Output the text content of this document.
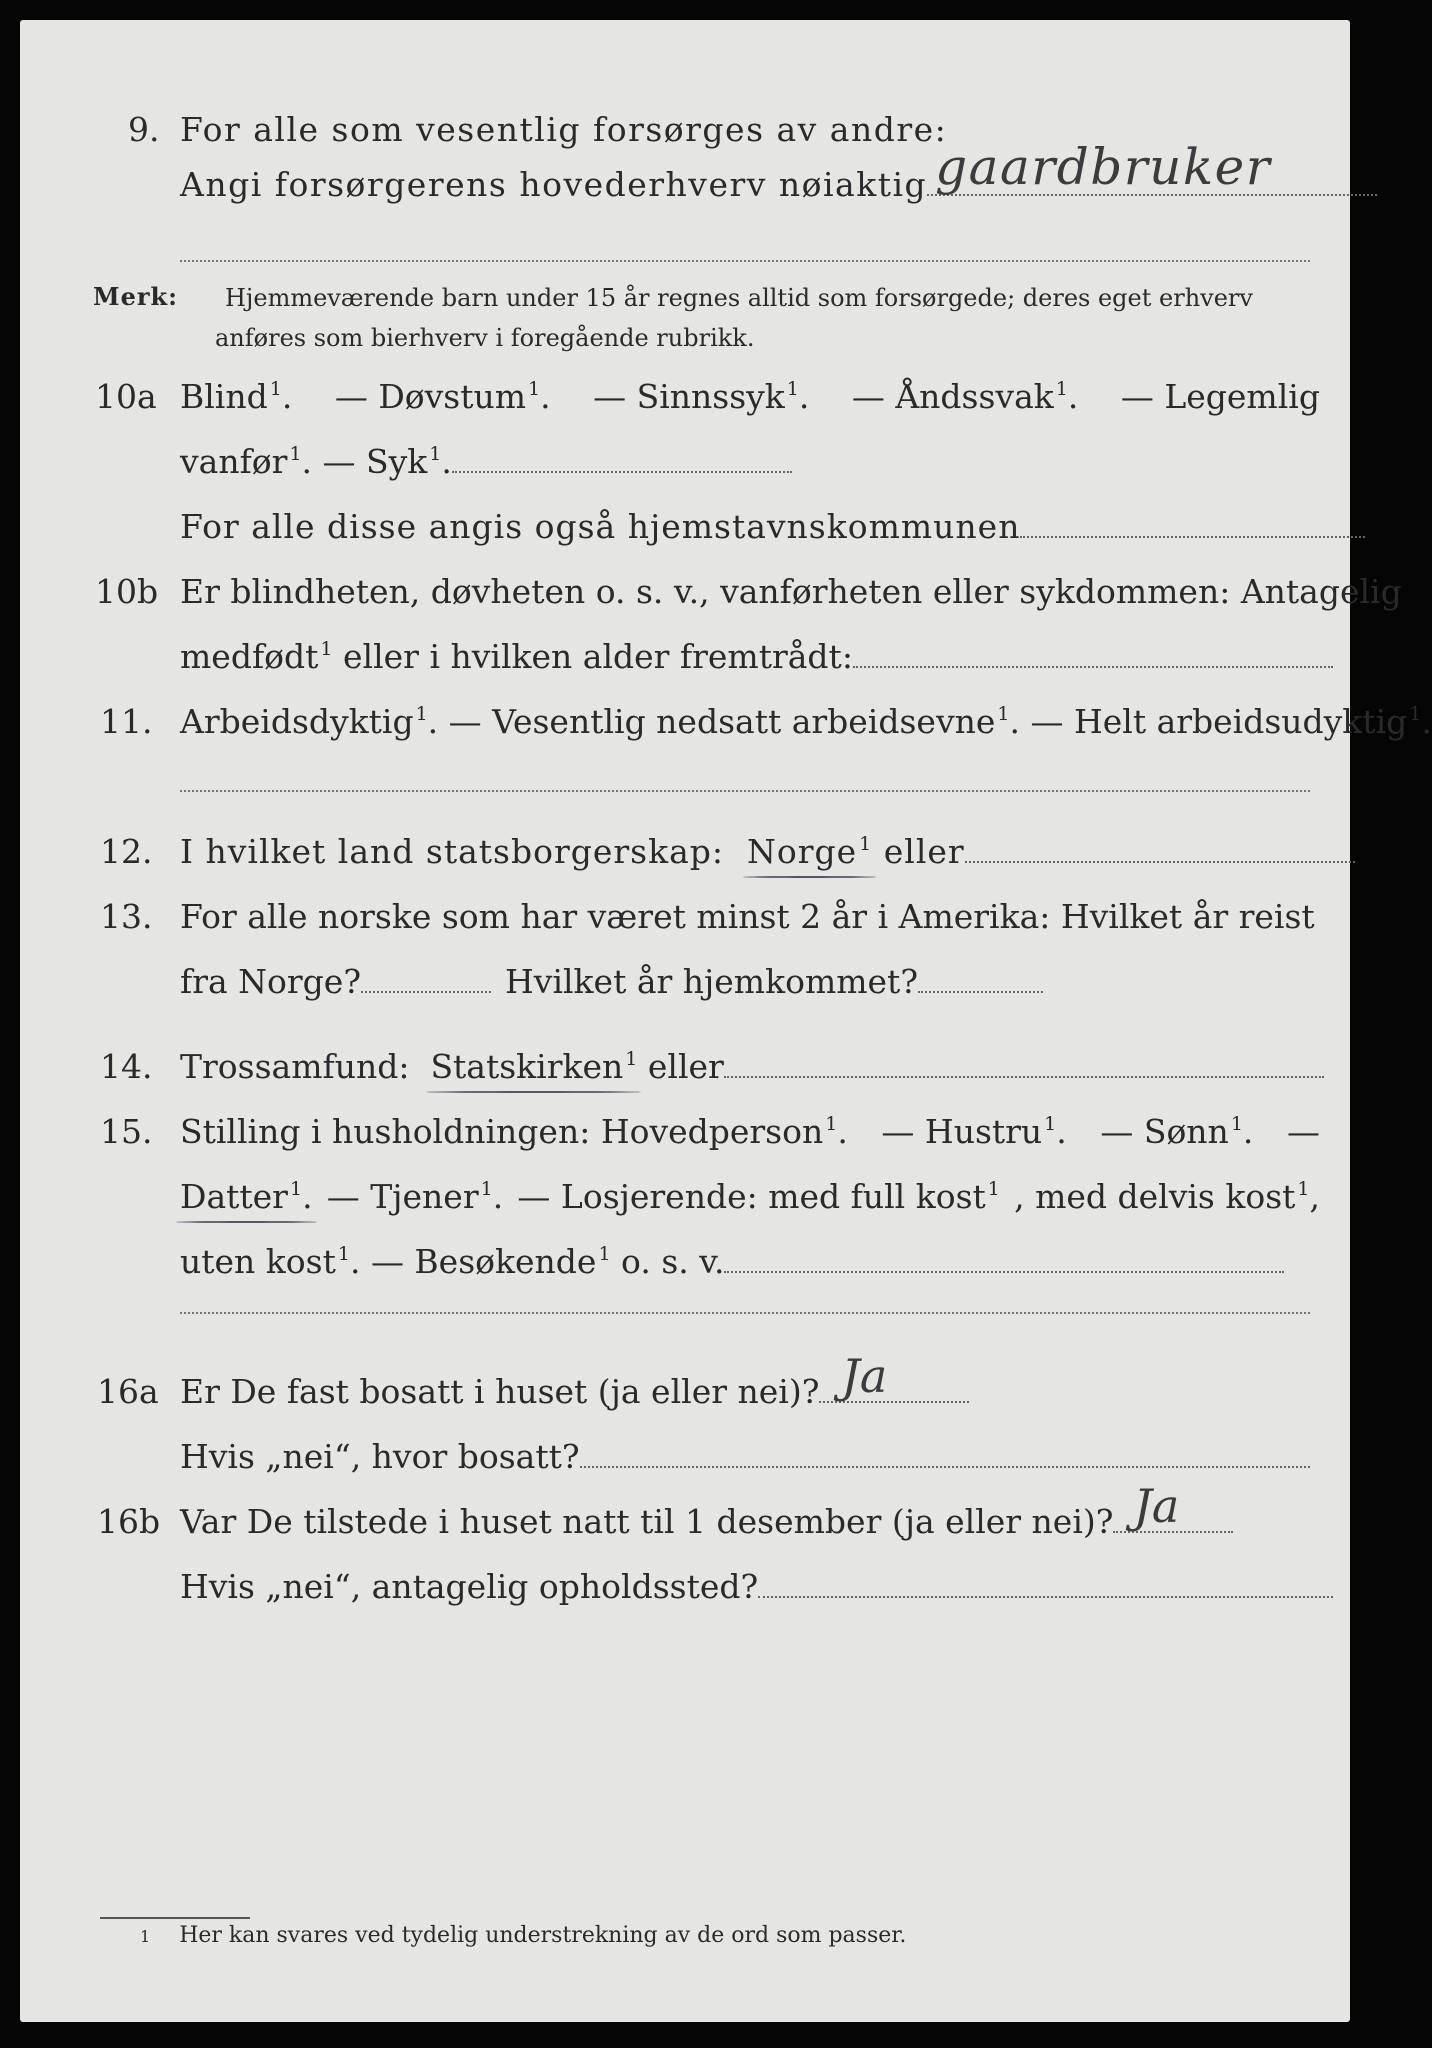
9. For alle som vesentlig forsørges av andre:
Angi forsørgerens hovederhverv nøiaktig gaardbruker
Merk: Hjemmeværende barn under 15 år regnes alltid som forsørgede; deres eget erhverv
anføres som bierhverv i foregående rubrikk.
10a Blind $^1$. — Døvstum $^1$. — Sinnssyk $^1$. — Åndssvak $^1$. — Legemlig
vanfør $^1$. — Syk $^1$.
For alle disse angis også hjemstavnskommunen
10b Er blindheten, døvheten o. s. v., vanførheten eller sykdommen: Antagelig
medfødt $^1$ eller i hvilken alder fremtrådt:
11. Arbeidsdyktig $^1$. — Vesentlig nedsatt arbeidsevne $^1$. — Helt arbeidsudyktig $^1$.
12. I hvilket land statsborgerskap:
Norge $^1$
eller
13. For alle norske som har været minst 2 år i Amerika: Hvilket år reist
fra Norge?	Hvilket år hjemkommet?
14. Trossamfund:
Statskirken $^1$
eller
15. Stilling i husholdningen: Hovedperson $^1$. — Hustru $^1$. — Sønn $^1$. —
Datter $^1$. — Tjener $^1$. — Losjerende: med full kost $^1$ , med delvis kost $^1$,
uten kost $^1$. — Besøkende $^1$ o. s. v.
16a Er De fast bosatt i huset (ja eller nei)? Ja
Hvis „nei“, hvor bosatt?
16b Var De tilstede i huset natt til 1 desember (ja eller nei)? Ja
Hvis „nei“, antagelig opholdssted?
1 Her kan svares ved tydelig understrekning av de ord som passer.
